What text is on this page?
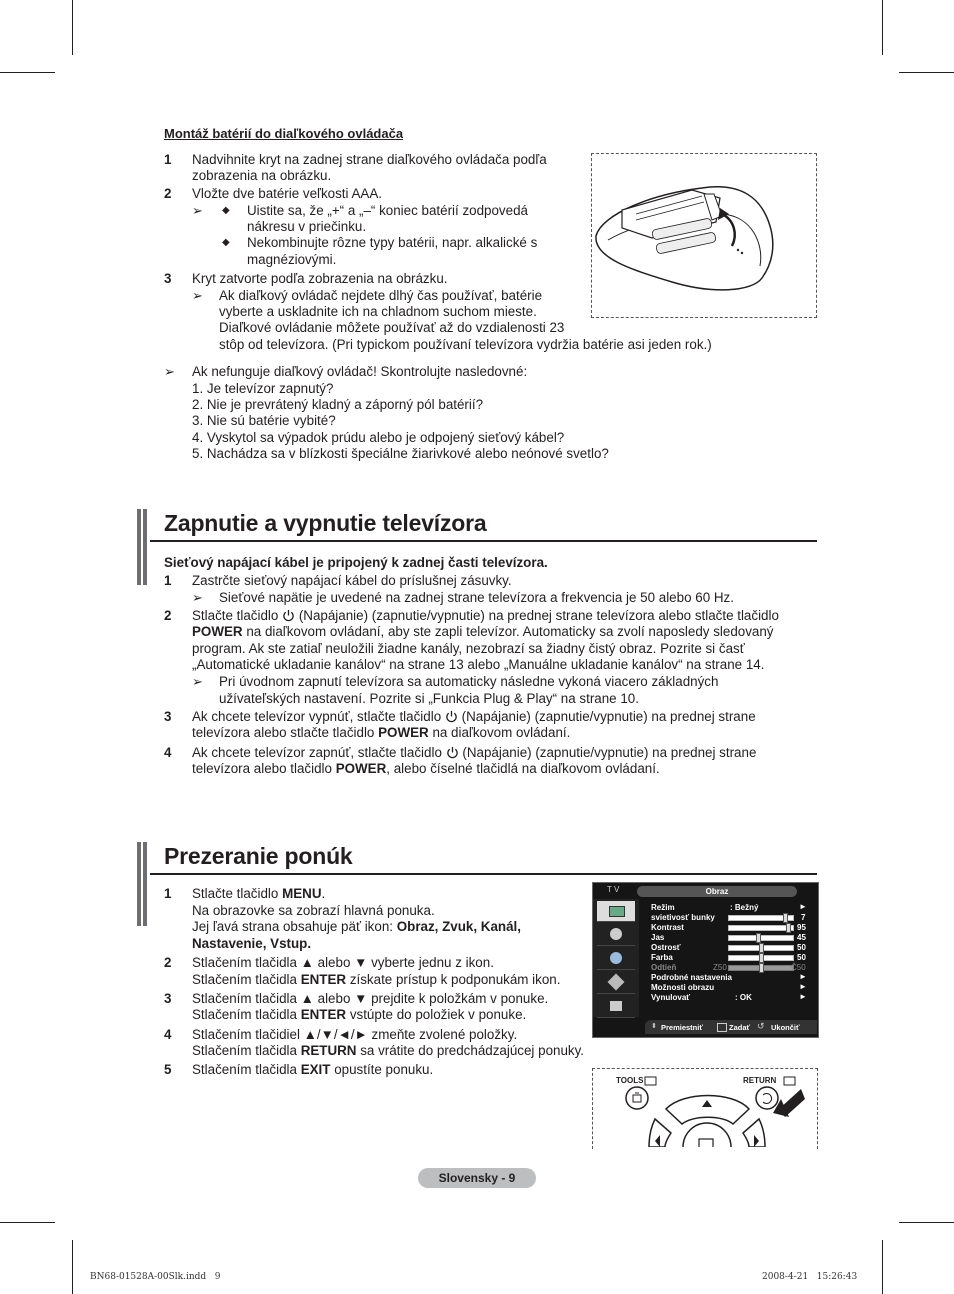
Montáž batérií do diaľkového ovládača
1 Nadvihnite kryt na zadnej strane diaľkového ovládača podľa
zobrazenia na obrázku.
2 Vložte dve batérie veľkosti AAA.
➢ ◆ Uistite sa, že „+“ a „–“ koniec batérií zodpovedá
nákresu v priečinku.
◆ Nekombinujte rôzne typy batérii, napr. alkalické s
magnéziovými.
3 Kryt zatvorte podľa zobrazenia na obrázku.
➢ Ak diaľkový ovládač nejdete dlhý čas používať, batérie
vyberte a uskladnite ich na chladnom suchom mieste.
Diaľkové ovládanie môžete používať až do vzdialenosti 23
stôp od televízora. (Pri typickom používaní televízora vydržia batérie asi jeden rok.)
➢ Ak nefunguje diaľkový ovládač! Skontrolujte nasledovné:
1. Je televízor zapnutý?
2. Nie je prevrátený kladný a záporný pól batérií?
3. Nie sú batérie vybité?
4. Vyskytol sa výpadok prúdu alebo je odpojený sieťový kábel?
5. Nachádza sa v blízkosti špeciálne žiarivkové alebo neónové svetlo?
Zapnutie a vypnutie televízora
Sieťový napájací kábel je pripojený k zadnej časti televízora.
1 Zastrčte sieťový napájací kábel do príslušnej zásuvky.
➢ Sieťové napätie je uvedené na zadnej strane televízora a frekvencia je 50 alebo 60 Hz.
2 Stlačte tlačidlo (Napájanie) (zapnutie/vypnutie) na prednej strane televízora alebo stlačte tlačidlo
POWER na diaľkovom ovládaní, aby ste zapli televízor. Automaticky sa zvolí naposledy sledovaný
program. Ak ste zatiaľ neuložili žiadne kanály, nezobrazí sa žiadny čistý obraz. Pozrite si časť
„Automatické ukladanie kanálov“ na strane 13 alebo „Manuálne ukladanie kanálov“ na strane 14.
➢ Pri úvodnom zapnutí televízora sa automaticky následne vykoná viacero základných
užívateľských nastavení. Pozrite si „Funkcia Plug & Play“ na strane 10.
3 Ak chcete televízor vypnúť, stlačte tlačidlo (Napájanie) (zapnutie/vypnutie) na prednej strane
televízora alebo stlačte tlačidlo POWER na diaľkovom ovládaní.
4 Ak chcete televízor zapnúť, stlačte tlačidlo (Napájanie) (zapnutie/vypnutie) na prednej strane
televízora alebo tlačidlo POWER, alebo číselné tlačidlá na diaľkovom ovládaní.
Prezeranie ponúk
1 Stlačte tlačidlo MENU.
Na obrazovke sa zobrazí hlavná ponuka.
Jej ľavá strana obsahuje päť ikon: Obraz, Zvuk, Kanál,
Nastavenie, Vstup.
2 Stlačením tlačidla ▲ alebo ▼ vyberte jednu z ikon.
Stlačením tlačidla ENTER získate prístup k podponukám ikon.
3 Stlačením tlačidla ▲ alebo ▼ prejdite k položkám v ponuke.
Stlačením tlačidla ENTER vstúpte do položiek v ponuke.
4 Stlačením tlačidiel ▲/▼/◄/► zmeňte zvolené položky.
Stlačením tlačidla RETURN sa vrátite do predchádzajúcej ponuky.
5 Stlačením tlačidla EXIT opustíte ponuku.
T V	Obraz
Režim	: Bežný	►
svietivosť bunky	7
Kontrast	95
Jas	45
Ostrosť	50
Farba	50
Odtieň	Z50	Č50
Podrobné nastavenia	►
Možnosti obrazu	►
Vynulovať	: OK	►
⬍ Premiestniť	Zadať ↺ Ukončiť
TOOLS	RETURN
Slovensky - 9
BN68-01528A-00Slk.indd   9	2008-4-21   15:26:43
